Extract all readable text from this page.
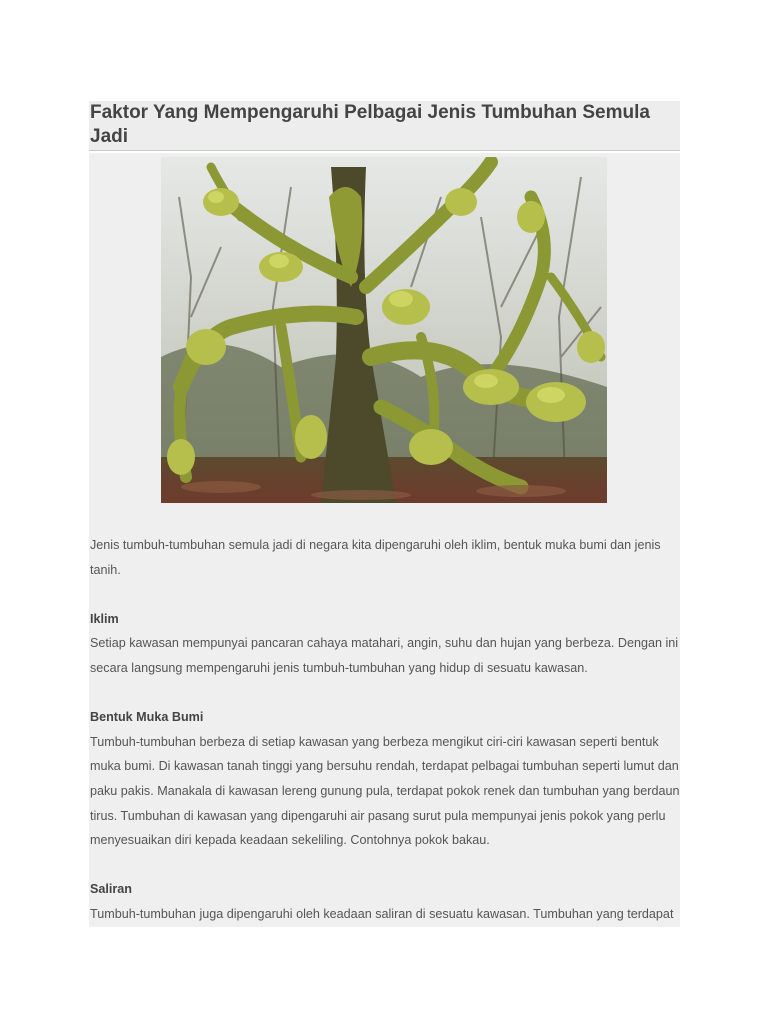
Faktor Yang Mempengaruhi Pelbagai Jenis Tumbuhan Semula Jadi

Jenis tumbuh-tumbuhan semula jadi di negara kita dipengaruhi oleh iklim, bentuk muka bumi dan jenis tanih.

Iklim

Setiap kawasan mempunyai pancaran cahaya matahari, angin, suhu dan hujan yang berbeza. Dengan ini secara langsung mempengaruhi jenis tumbuh-tumbuhan yang hidup di sesuatu kawasan.

Bentuk Muka Bumi

Tumbuh-tumbuhan berbeza di setiap kawasan yang berbeza mengikut ciri-ciri kawasan seperti bentuk muka bumi. Di kawasan tanah tinggi yang bersuhu rendah, terdapat pelbagai tumbuhan seperti lumut dan paku pakis. Manakala di kawasan lereng gunung pula, terdapat pokok renek dan tumbuhan yang berdaun tirus. Tumbuhan di kawasan yang dipengaruhi air pasang surut pula mempunyai jenis pokok yang perlu menyesuaikan diri kepada keadaan sekeliling. Contohnya pokok bakau.

Saliran

Tumbuh-tumbuhan juga dipengaruhi oleh keadaan saliran di sesuatu kawasan. Tumbuhan yang terdapat
